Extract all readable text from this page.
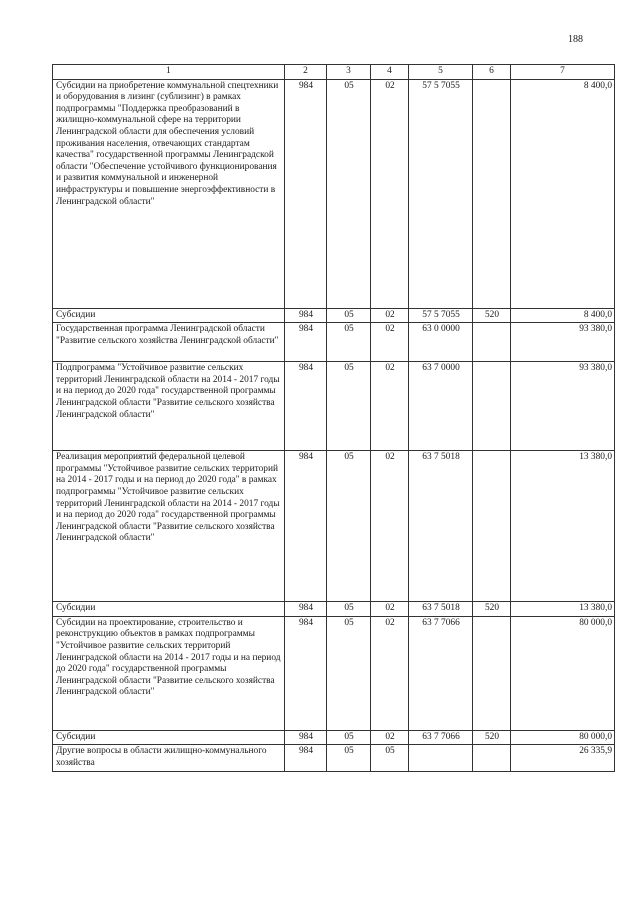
188
1	2	3	4	5	6	7
Субсидии на приобретение коммунальной спецтехники и оборудования в лизинг (сублизинг) в рамках подпрограммы "Поддержка преобразований в жилищно-коммунальной сфере на территории Ленинградской области для обеспечения условий проживания населения, отвечающих стандартам качества" государственной программы Ленинградской области "Обеспечение устойчивого функционирования и развития коммунальной и инженерной инфраструктуры и повышение энергоэффективности в Ленинградской области"	984	05	02	57 5 7055		8 400,0
Субсидии	984	05	02	57 5 7055	520	8 400,0
Государственная программа Ленинградской области "Развитие сельского хозяйства Ленинградской области"	984	05	02	63 0 0000		93 380,0
Подпрограмма "Устойчивое развитие сельских территорий Ленинградской области на 2014 - 2017 годы и на период до 2020 года" государственной программы Ленинградской области "Развитие сельского хозяйства Ленинградской области"	984	05	02	63 7 0000		93 380,0
Реализация мероприятий федеральной целевой программы "Устойчивое развитие сельских территорий на 2014 - 2017 годы и на период до 2020 года" в рамках подпрограммы "Устойчивое развитие сельских территорий Ленинградской области на 2014 - 2017 годы и на период до 2020 года" государственной программы Ленинградской области "Развитие сельского хозяйства Ленинградской области"	984	05	02	63 7 5018		13 380,0
Субсидии	984	05	02	63 7 5018	520	13 380,0
Субсидии на проектирование, строительство и реконструкцию объектов в рамках подпрограммы "Устойчивое развитие сельских территорий Ленинградской области на 2014 - 2017 годы и на период до 2020 года" государственной программы Ленинградской области "Развитие сельского хозяйства Ленинградской области"	984	05	02	63 7 7066		80 000,0
Субсидии	984	05	02	63 7 7066	520	80 000,0
Другие вопросы в области жилищно-коммунального хозяйства	984	05	05			26 335,9
